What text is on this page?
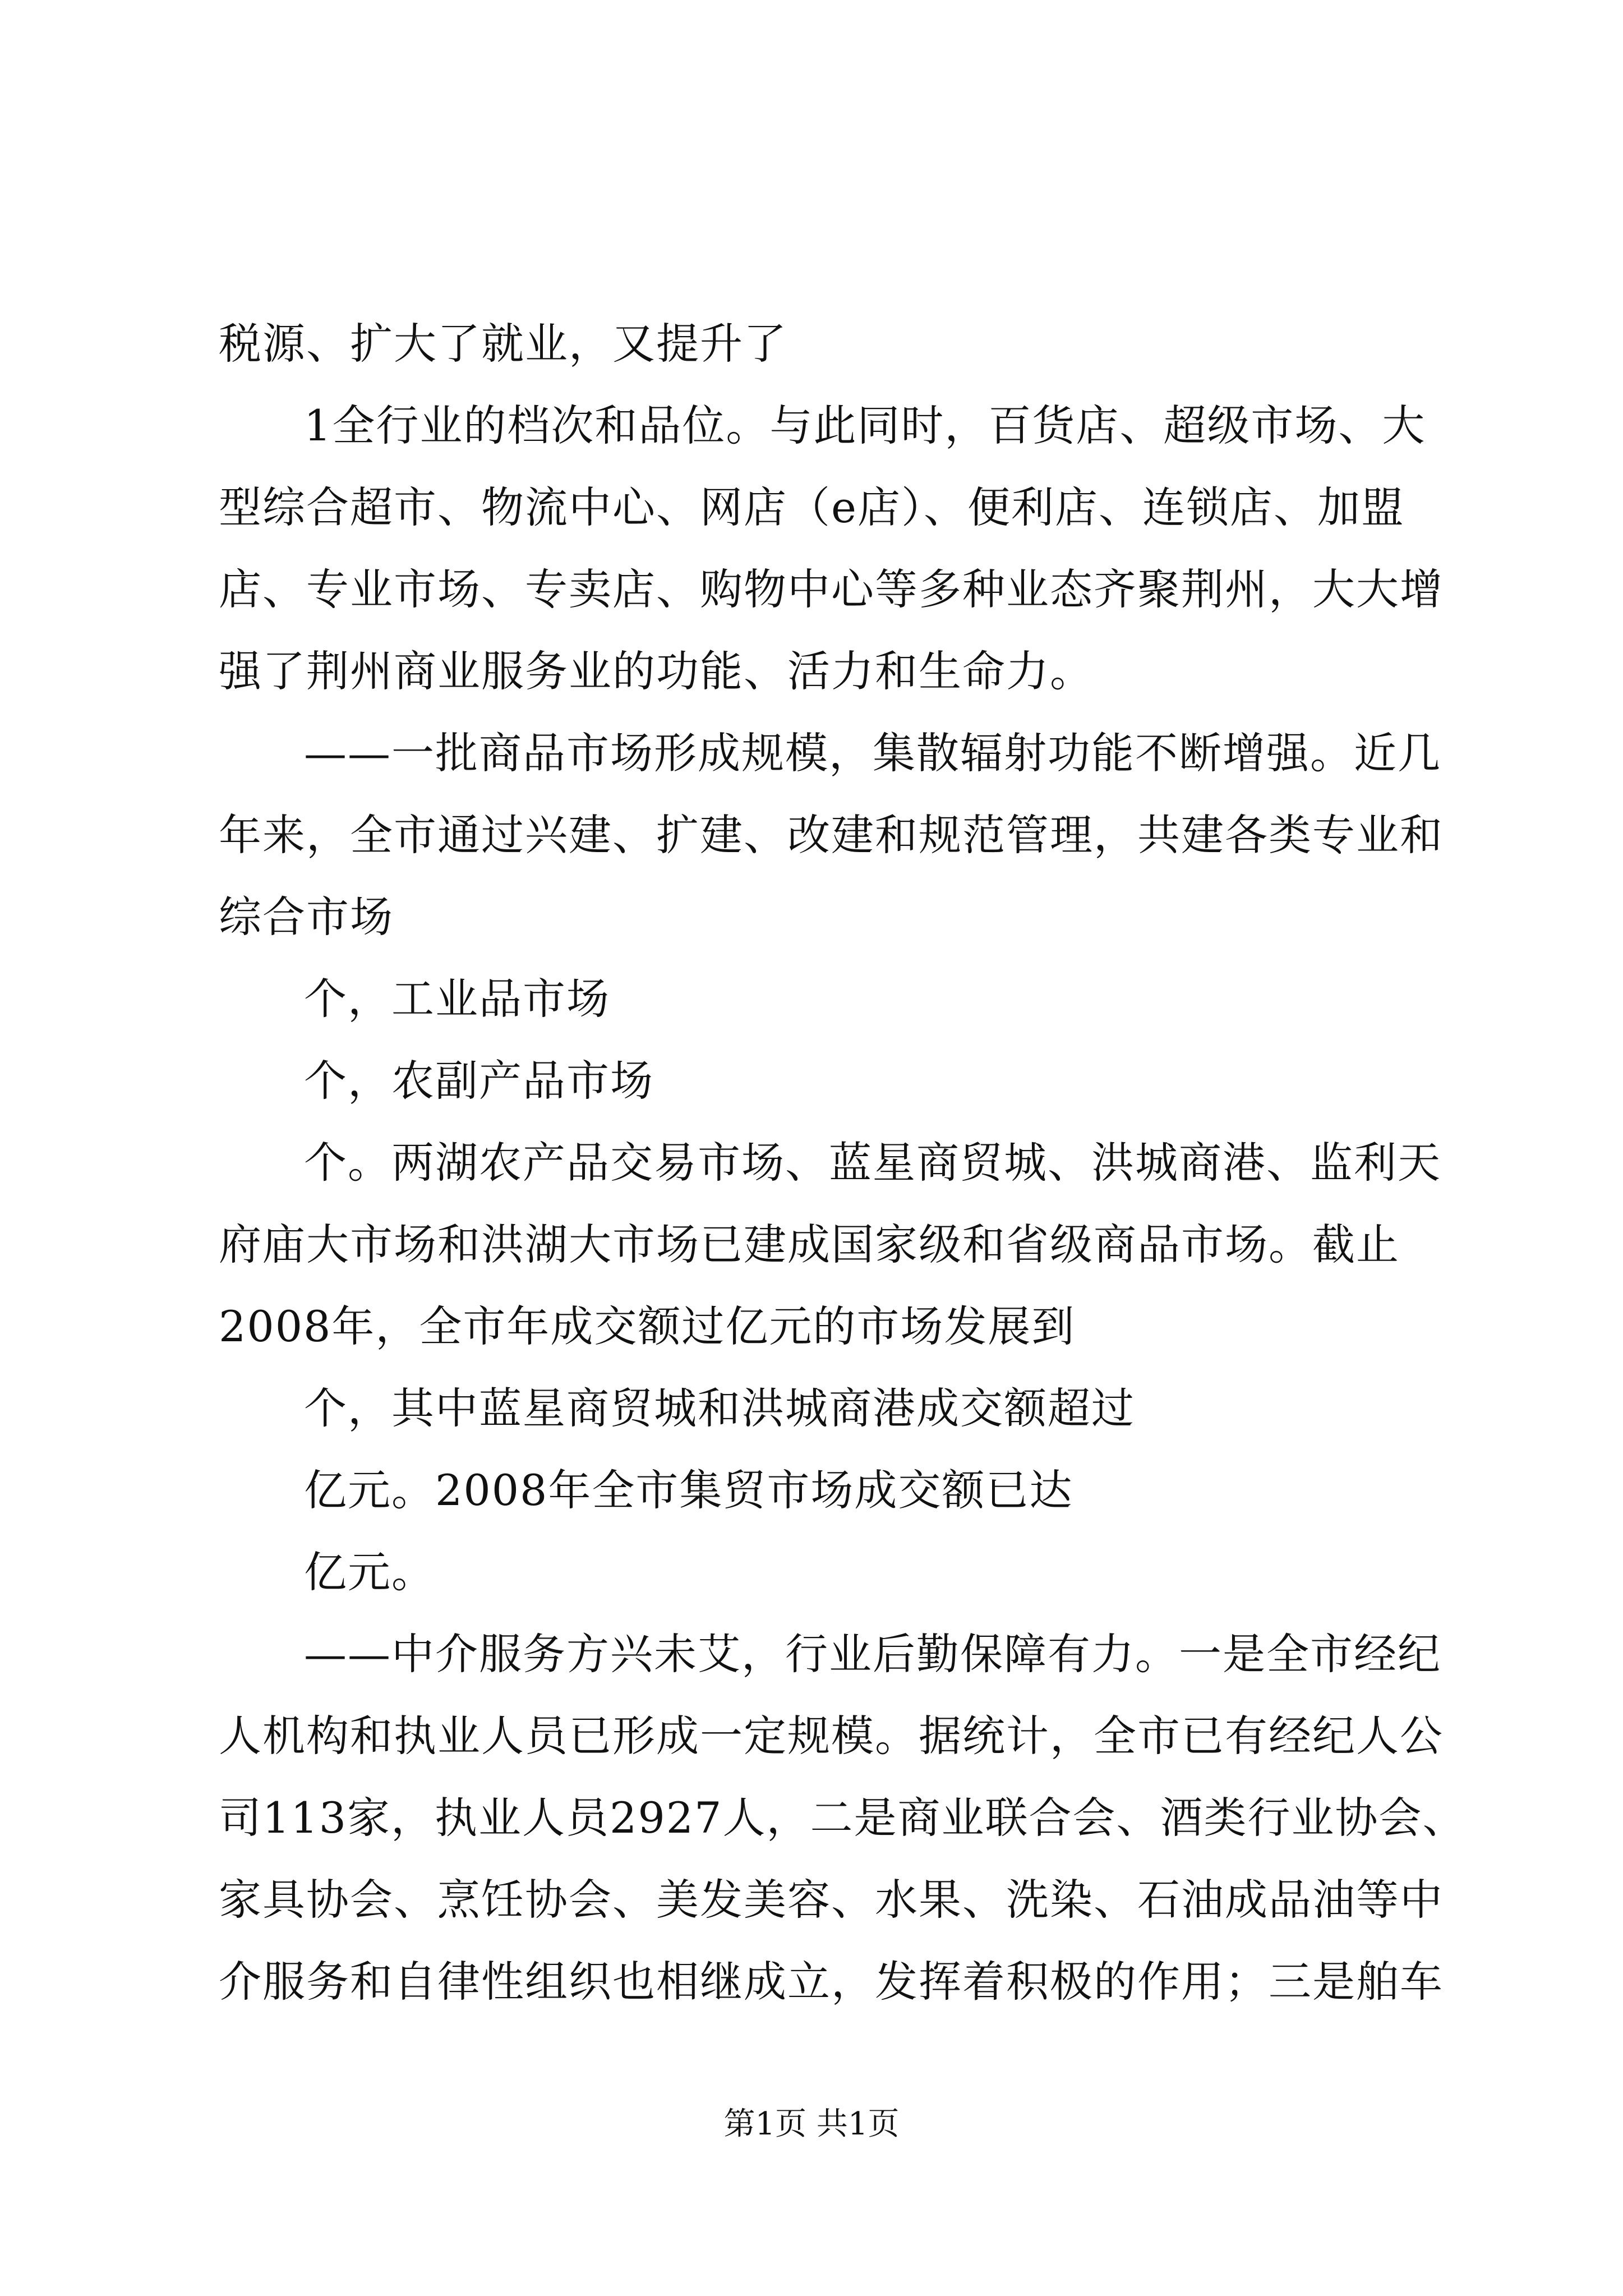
税源、扩大了就业，又提升了
1全行业的档次和品位。与此同时，百货店、超级市场、大
型综合超市、物流中心、网店（e店）、便利店、连锁店、加盟
店、专业市场、专卖店、购物中心等多种业态齐聚荆州，大大增
强了荆州商业服务业的功能、活力和生命力。
——一批商品市场形成规模，集散辐射功能不断增强。近几
年来，全市通过兴建、扩建、改建和规范管理，共建各类专业和
综合市场
个，工业品市场
个，农副产品市场
个。两湖农产品交易市场、蓝星商贸城、洪城商港、监利天
府庙大市场和洪湖大市场已建成国家级和省级商品市场。截止
2008年，全市年成交额过亿元的市场发展到
个，其中蓝星商贸城和洪城商港成交额超过
亿元。2008年全市集贸市场成交额已达
亿元。
——中介服务方兴未艾，行业后勤保障有力。一是全市经纪
人机构和执业人员已形成一定规模。据统计，全市已有经纪人公
司113家，执业人员2927人，二是商业联合会、酒类行业协会、
家具协会、烹饪协会、美发美容、水果、洗染、石油成品油等中
介服务和自律性组织也相继成立，发挥着积极的作用；三是舶车
第1页 共1页
